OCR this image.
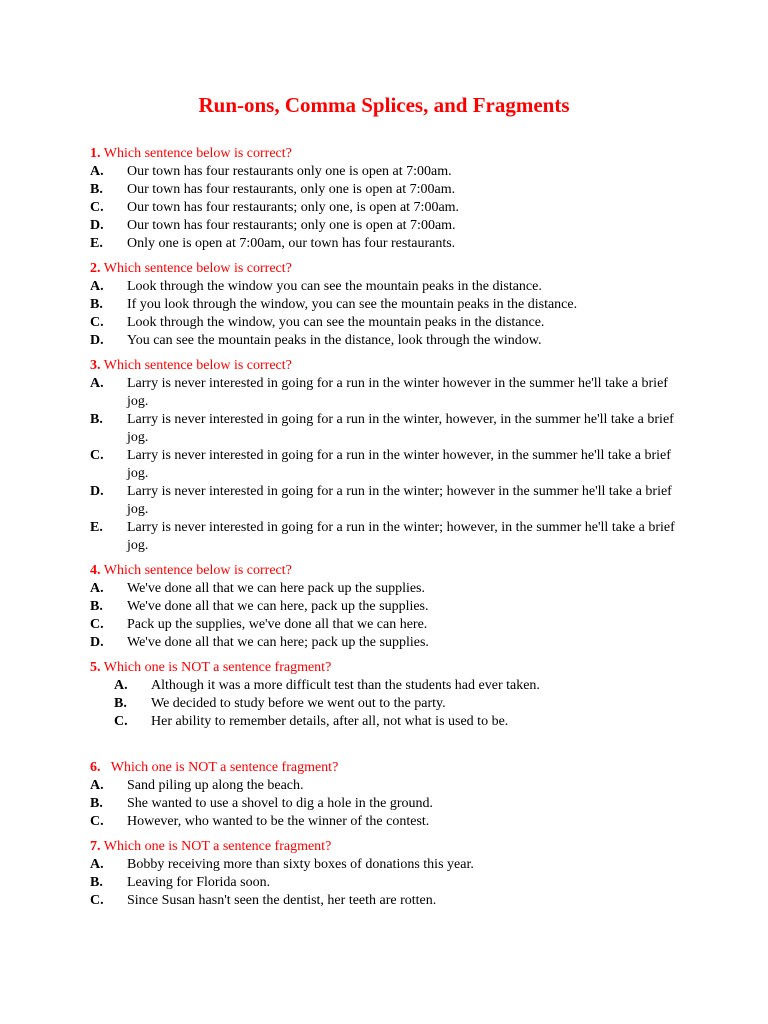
Run-ons, Comma Splices, and Fragments
1. Which sentence below is correct?
A.	Our town has four restaurants only one is open at 7:00am.
B.	Our town has four restaurants, only one is open at 7:00am.
C.	Our town has four restaurants; only one, is open at 7:00am.
D.	Our town has four restaurants; only one is open at 7:00am.
E.	Only one is open at 7:00am, our town has four restaurants.
2. Which sentence below is correct?
A.	Look through the window you can see the mountain peaks in the distance.
B.	If you look through the window, you can see the mountain peaks in the distance.
C.	Look through the window, you can see the mountain peaks in the distance.
D.	You can see the mountain peaks in the distance, look through the window.
3. Which sentence below is correct?
A.	Larry is never interested in going for a run in the winter however in the summer he'll take a brief jog.
B.	Larry is never interested in going for a run in the winter, however, in the summer he'll take a brief jog.
C.	Larry is never interested in going for a run in the winter however, in the summer he'll take a brief jog.
D.	Larry is never interested in going for a run in the winter; however in the summer he'll take a brief jog.
E.	Larry is never interested in going for a run in the winter; however, in the summer he'll take a brief jog.
4. Which sentence below is correct?
A.	We've done all that we can here pack up the supplies.
B.	We've done all that we can here, pack up the supplies.
C.	Pack up the supplies, we've done all that we can here.
D.	We've done all that we can here; pack up the supplies.
5. Which one is NOT a sentence fragment?
A.	Although it was a more difficult test than the students had ever taken.
B.	We decided to study before we went out to the party.
C.	Her ability to remember details, after all, not what is used to be.
6.   Which one is NOT a sentence fragment?
A.	Sand piling up along the beach.
B.	She wanted to use a shovel to dig a hole in the ground.
C.	However, who wanted to be the winner of the contest.
7. Which one is NOT a sentence fragment?
A.	Bobby receiving more than sixty boxes of donations this year.
B.	Leaving for Florida soon.
C.	Since Susan hasn't seen the dentist, her teeth are rotten.
